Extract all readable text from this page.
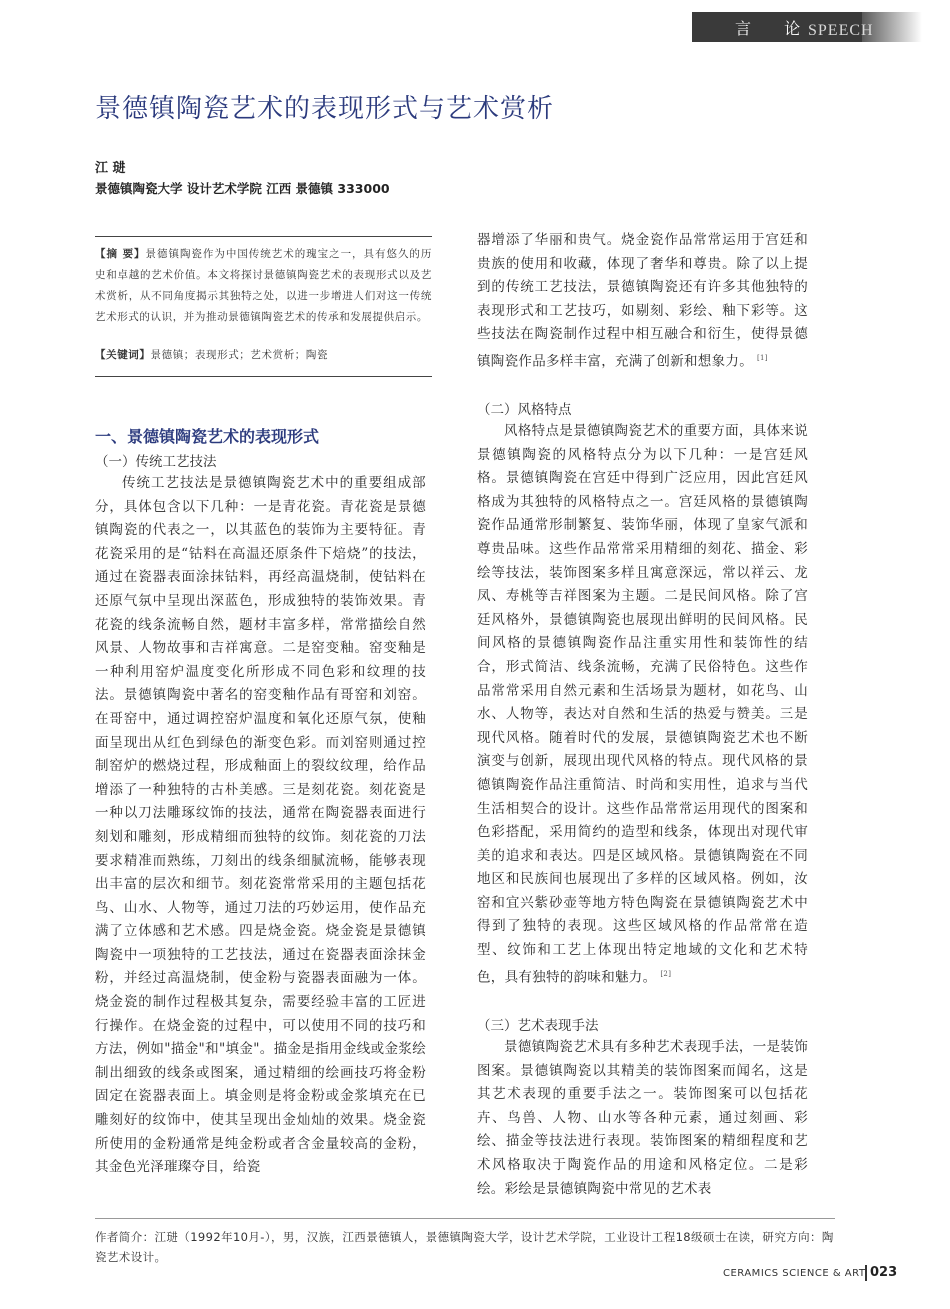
言 论
SPEECH
景德镇陶瓷艺术的表现形式与艺术赏析
江 琎
景德镇陶瓷大学 设计艺术学院 江西 景德镇 333000
【摘 要】景德镇陶瓷作为中国传统艺术的瑰宝之一，具有悠久的历史和卓越的艺术价值。本文将探讨景德镇陶瓷艺术的表现形式以及艺术赏析，从不同角度揭示其独特之处，以进一步增进人们对这一传统艺术形式的认识，并为推动景德镇陶瓷艺术的传承和发展提供启示。
【关键词】景德镇；表现形式；艺术赏析；陶瓷
一、景德镇陶瓷艺术的表现形式
（一）传统工艺技法

传统工艺技法是景德镇陶瓷艺术中的重要组成部分，具体包含以下几种：一是青花瓷。青花瓷是景德镇陶瓷的代表之一，以其蓝色的装饰为主要特征。青花瓷采用的是“钴料在高温还原条件下焙烧”的技法，通过在瓷器表面涂抹钴料，再经高温烧制，使钴料在还原气氛中呈现出深蓝色，形成独特的装饰效果。青花瓷的线条流畅自然，题材丰富多样，常常描绘自然风景、人物故事和吉祥寓意。二是窑变釉。窑变釉是一种利用窑炉温度变化所形成不同色彩和纹理的技法。景德镇陶瓷中著名的窑变釉作品有哥窑和刘窑。在哥窑中，通过调控窑炉温度和氧化还原气氛，使釉面呈现出从红色到绿色的渐变色彩。而刘窑则通过控制窑炉的燃烧过程，形成釉面上的裂纹纹理，给作品增添了一种独特的古朴美感。三是刻花瓷。刻花瓷是一种以刀法雕琢纹饰的技法，通常在陶瓷器表面进行刻划和雕刻，形成精细而独特的纹饰。刻花瓷的刀法要求精准而熟练，刀刻出的线条细腻流畅，能够表现出丰富的层次和细节。刻花瓷常常采用的主题包括花鸟、山水、人物等，通过刀法的巧妙运用，使作品充满了立体感和艺术感。四是烧金瓷。烧金瓷是景德镇陶瓷中一项独特的工艺技法，通过在瓷器表面涂抹金粉，并经过高温烧制，使金粉与瓷器表面融为一体。烧金瓷的制作过程极其复杂，需要经验丰富的工匠进行操作。在烧金瓷的过程中，可以使用不同的技巧和方法，例如"描金"和"填金"。描金是指用金线或金浆绘制出细致的线条或图案，通过精细的绘画技巧将金粉固定在瓷器表面上。填金则是将金粉或金浆填充在已雕刻好的纹饰中，使其呈现出金灿灿的效果。烧金瓷所使用的金粉通常是纯金粉或者含金量较高的金粉，其金色光泽璀璨夺目，给瓷

器增添了华丽和贵气。烧金瓷作品常常运用于宫廷和贵族的使用和收藏，体现了奢华和尊贵。除了以上提到的传统工艺技法，景德镇陶瓷还有许多其他独特的表现形式和工艺技巧，如剔刻、彩绘、釉下彩等。这些技法在陶瓷制作过程中相互融合和衍生，使得景德镇陶瓷作品多样丰富，充满了创新和想象力。 [1]

（二）风格特点

风格特点是景德镇陶瓷艺术的重要方面，具体来说景德镇陶瓷的风格特点分为以下几种：一是宫廷风格。景德镇陶瓷在宫廷中得到广泛应用，因此宫廷风格成为其独特的风格特点之一。宫廷风格的景德镇陶瓷作品通常形制繁复、装饰华丽，体现了皇家气派和尊贵品味。这些作品常常采用精细的刻花、描金、彩绘等技法，装饰图案多样且寓意深远，常以祥云、龙凤、寿桃等吉祥图案为主题。二是民间风格。除了宫廷风格外，景德镇陶瓷也展现出鲜明的民间风格。民间风格的景德镇陶瓷作品注重实用性和装饰性的结合，形式简洁、线条流畅，充满了民俗特色。这些作品常常采用自然元素和生活场景为题材，如花鸟、山水、人物等，表达对自然和生活的热爱与赞美。三是现代风格。随着时代的发展，景德镇陶瓷艺术也不断演变与创新，展现出现代风格的特点。现代风格的景德镇陶瓷作品注重简洁、时尚和实用性，追求与当代生活相契合的设计。这些作品常常运用现代的图案和色彩搭配，采用简约的造型和线条，体现出对现代审美的追求和表达。四是区域风格。景德镇陶瓷在不同地区和民族间也展现出了多样的区域风格。例如，汝窑和宜兴紫砂壶等地方特色陶瓷在景德镇陶瓷艺术中得到了独特的表现。这些区域风格的作品常常在造型、纹饰和工艺上体现出特定地域的文化和艺术特色，具有独特的韵味和魅力。 [2]

（三）艺术表现手法

景德镇陶瓷艺术具有多种艺术表现手法，一是装饰图案。景德镇陶瓷以其精美的装饰图案而闻名，这是其艺术表现的重要手法之一。装饰图案可以包括花卉、鸟兽、人物、山水等各种元素，通过刻画、彩绘、描金等技法进行表现。装饰图案的精细程度和艺术风格取决于陶瓷作品的用途和风格定位。二是彩绘。彩绘是景德镇陶瓷中常见的艺术表

作者简介：江琎（1992年10月-），男，汉族，江西景德镇人，景德镇陶瓷大学，设计艺术学院，工业设计工程18级硕士在读，研究方向：陶瓷艺术设计。
CERAMICS SCIENCE & ART 023
